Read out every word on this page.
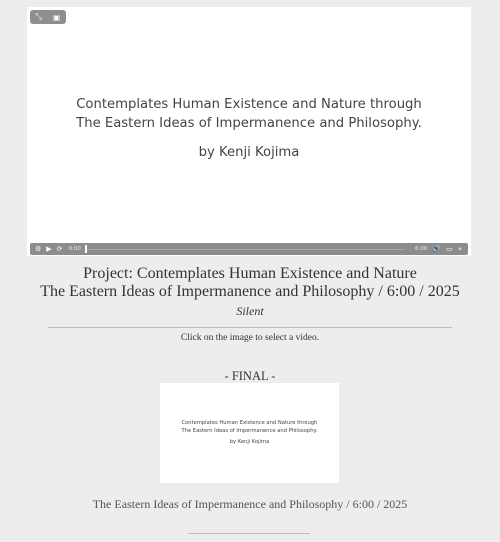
⤡ ▣
Contemplates Human Existence and Nature through
The Eastern Ideas of Impermanence and Philosophy.
by Kenji Kojima
⚙ ▶ ⟳ 0:00	6:00 🔊 ▭ »
Project: Contemplates Human Existence and Nature
The Eastern Ideas of Impermanence and Philosophy / 6:00 / 2025
Silent
Click on the image to select a video.
- FINAL -
Contemplates Human Existence and Nature through
The Eastern Ideas of Impermanence and Philosophy.
by Kenji Kojima
The Eastern Ideas of Impermanence and Philosophy / 6:00 / 2025
